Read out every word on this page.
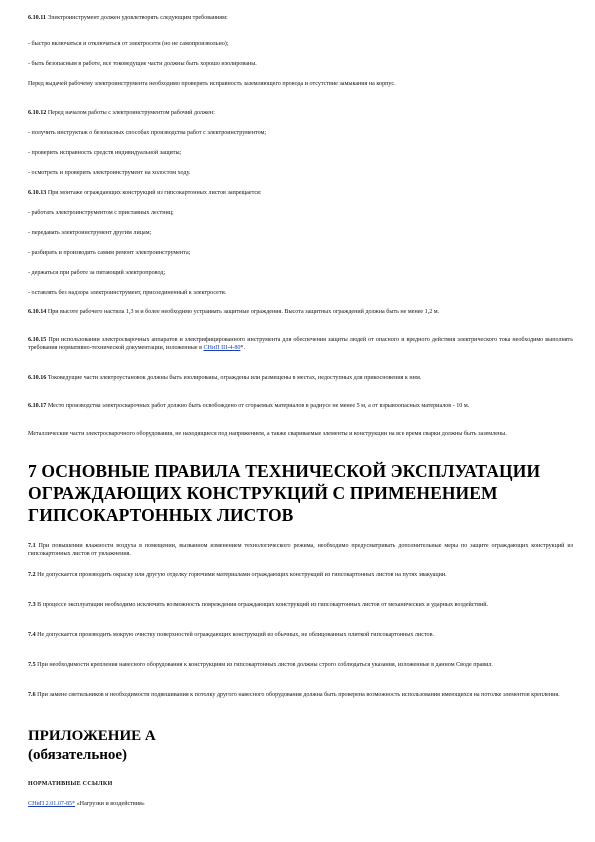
6.10.11 Электроинструмент должен удовлетворять следующим требованиям:

- быстро включаться и отключаться от электросети (но не самопроизвольно);

- быть безопасным в работе, все токоведущие части должны быть хорошо изолированы.

Перед выдачей рабочему электроинструмента необходимо проверить исправность заземляющего провода и отсутствие замыкания на корпус.

6.10.12 Перед началом работы с электроинструментом рабочий должен:

- получить инструктаж о безопасных способах производства работ с электроинструментом;

- проверить исправность средств индивидуальной защиты;

- осмотреть и проверить электроинструмент на холостом ходу.

6.10.13 При монтаже ограждающих конструкций из гипсокартонных листов запрещается:

- работать электроинструментом с приставных лестниц;

- передавать электроинструмент другим лицам;

- разбирать и производить самим ремонт электроинструмента;

- держаться при работе за питающий электропровод;

- оставлять без надзора электроинструмент, присоединенный к электросети.

6.10.14 При высоте рабочего настила 1,3 м и более необходимо устраивать защитные ограждения. Высота защитных ограждений должна быть не менее 1,2 м.

6.10.15 При использовании электросварочных аппаратов и электрифицированного инструмента для обеспечения защиты людей от опасного и вредного действия электрического тока необходимо выполнять требования нормативно-технической документации, изложенные в СНиП III-4-80*.

6.10.16 Токоведущие части электроустановок должны быть изолированы, ограждены или размещены в местах, недоступных для прикосновения к ним.

6.10.17 Место производства электросварочных работ должно быть освобождено от сгораемых материалов в радиусе не менее 5 м, а от взрывоопасных материалов - 10 м.

Металлические части электросварочного оборудования, не находящиеся под напряжением, а также свариваемые элементы и конструкции на все время сварки должны быть заземлены.

7 ОСНОВНЫЕ ПРАВИЛА ТЕХНИЧЕСКОЙ ЭКСПЛУАТАЦИИ ОГРАЖДАЮЩИХ КОНСТРУКЦИЙ С ПРИМЕНЕНИЕМ ГИПСОКАРТОННЫХ ЛИСТОВ

7.1 При повышении влажности воздуха в помещении, вызванном изменением технологического режима, необходимо предусматривать дополнительные меры по защите ограждающих конструкций из гипсокартонных листов от увлажнения.

7.2 Не допускается производить окраску или другую отделку горючими материалами ограждающих конструкций из гипсокартонных листов на путях эвакуации.

7.3 В процессе эксплуатации необходимо исключить возможность повреждения ограждающих конструкций из гипсокартонных листов от механических и ударных воздействий.

7.4 Не допускается производить мокрую очистку поверхностей ограждающих конструкций из обычных, не облицованных плиткой гипсокартонных листов.

7.5 При необходимости крепления навесного оборудования к конструкциям из гипсокартонных листов должны строго соблюдаться указания, изложенные в данном Своде правил.

7.6 При замене светильников и необходимости подвешивания к потолку другого навесного оборудования должна быть проверена возможность использования имеющихся на потолке элементов крепления.

ПРИЛОЖЕНИЕ А
(обязательное)

НОРМАТИВНЫЕ ССЫЛКИ

СНиП 2.01.07-85* «Нагрузки и воздействия»
